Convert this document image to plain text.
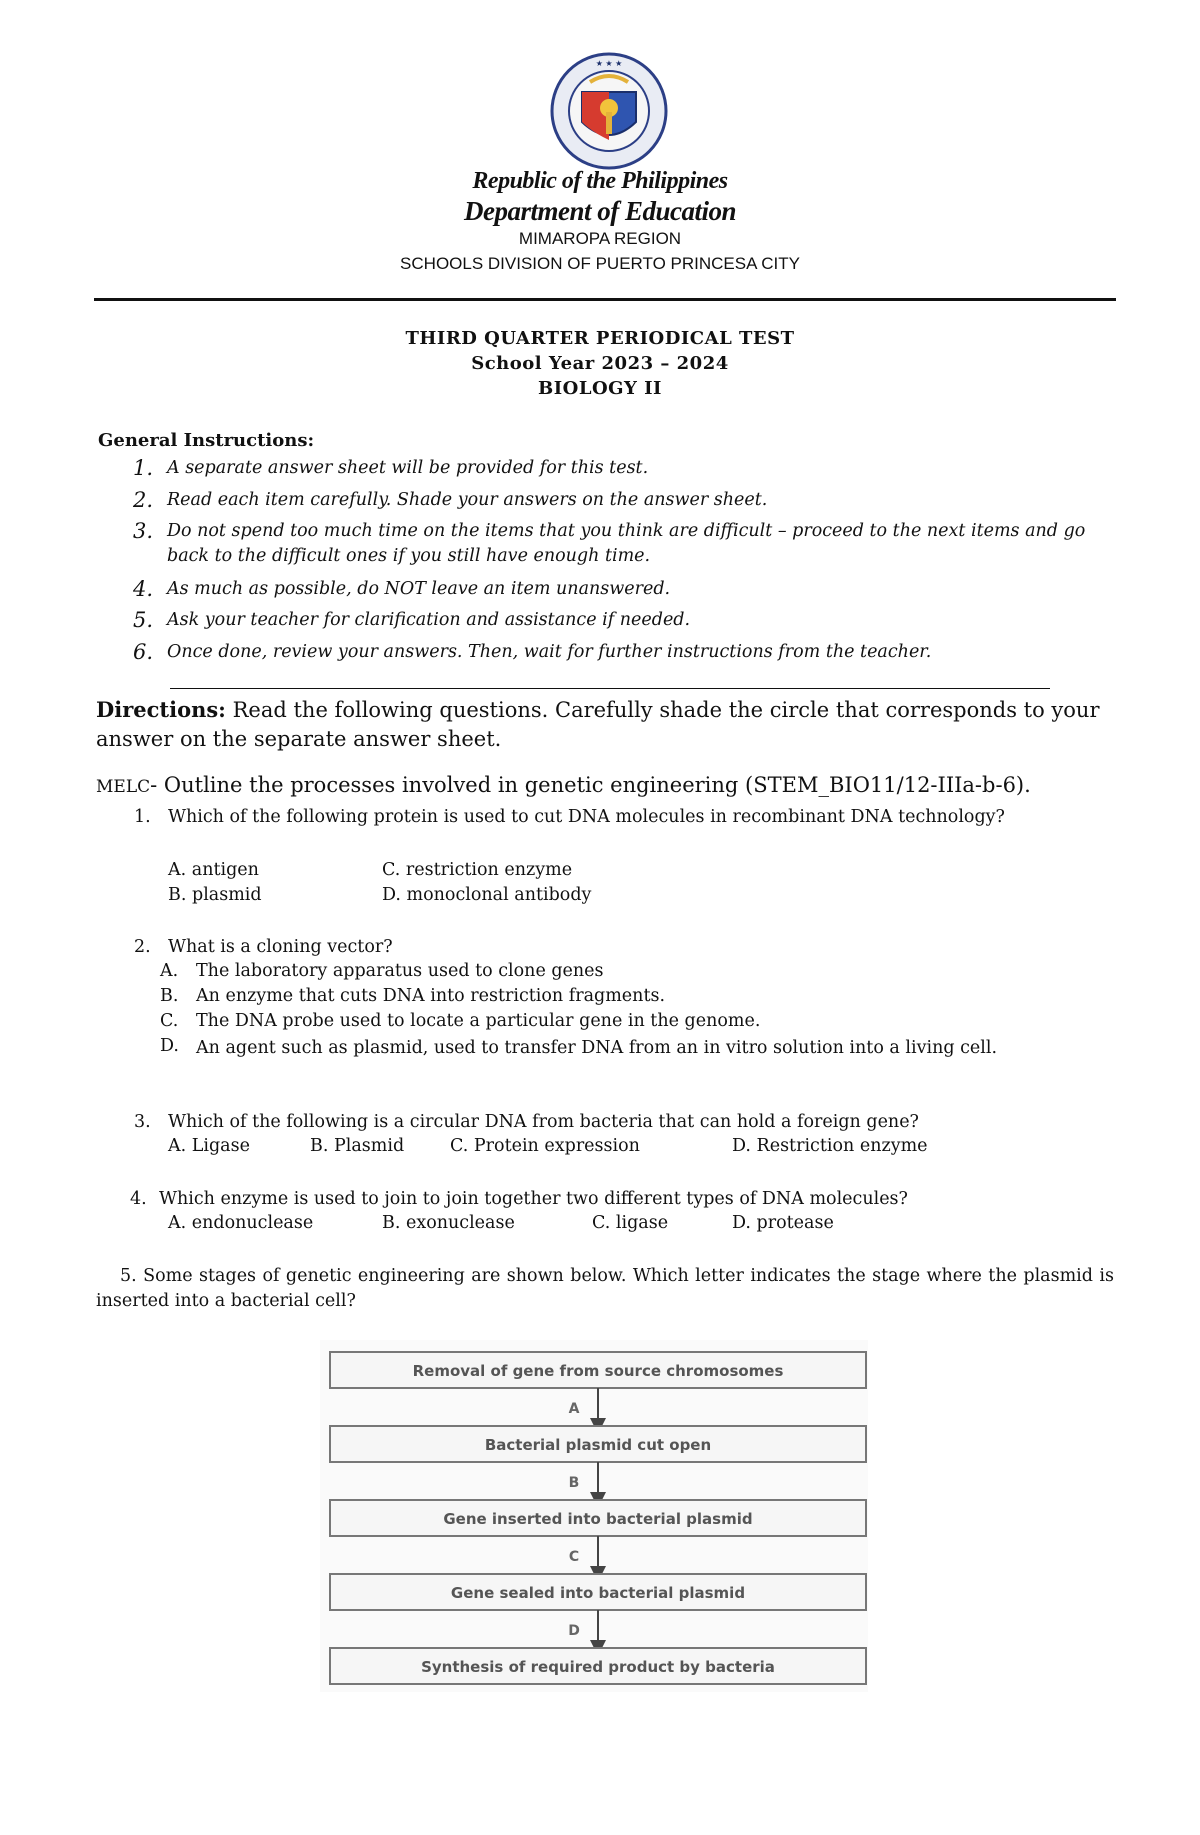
★ ★ ★
Republic of the Philippines
Department of Education
MIMAROPA REGION
SCHOOLS DIVISION OF PUERTO PRINCESA CITY
THIRD QUARTER PERIODICAL TEST
School Year 2023 – 2024
BIOLOGY II
General Instructions:
1. A separate answer sheet will be provided for this test.
2. Read each item carefully. Shade your answers on the answer sheet.
3. Do not spend too much time on the items that you think are difficult – proceed to the next items and go back to the difficult ones if you still have enough time.
4. As much as possible, do NOT leave an item unanswered.
5. Ask your teacher for clarification and assistance if needed.
6. Once done, review your answers. Then, wait for further instructions from the teacher.
Directions: Read the following questions. Carefully shade the circle that corresponds to your answer on the separate answer sheet.
MELC- Outline the processes involved in genetic engineering (STEM_BIO11/12-IIIa-b-6).
1. Which of the following protein is used to cut DNA molecules in recombinant DNA technology?
A. antigen
B. plasmid
C. restriction enzyme
D. monoclonal antibody
2. What is a cloning vector?
A. The laboratory apparatus used to clone genes
B. An enzyme that cuts DNA into restriction fragments.
C. The DNA probe used to locate a particular gene in the genome.
D. An agent such as plasmid, used to transfer DNA from an in vitro solution into a living cell.
3. Which of the following is a circular DNA from bacteria that can hold a foreign gene?
A. Ligase	B. Plasmid	C. Protein expression	D. Restriction enzyme
4. Which enzyme is used to join to join together two different types of DNA molecules?
A. endonuclease	B. exonuclease	C. ligase	D. protease
5. Some stages of genetic engineering are shown below. Which letter indicates the stage where the plasmid is inserted into a bacterial cell?
Removal of gene from source chromosomes
A
Bacterial plasmid cut open
B
Gene inserted into bacterial plasmid
C
Gene sealed into bacterial plasmid
D
Synthesis of required product by bacteria
